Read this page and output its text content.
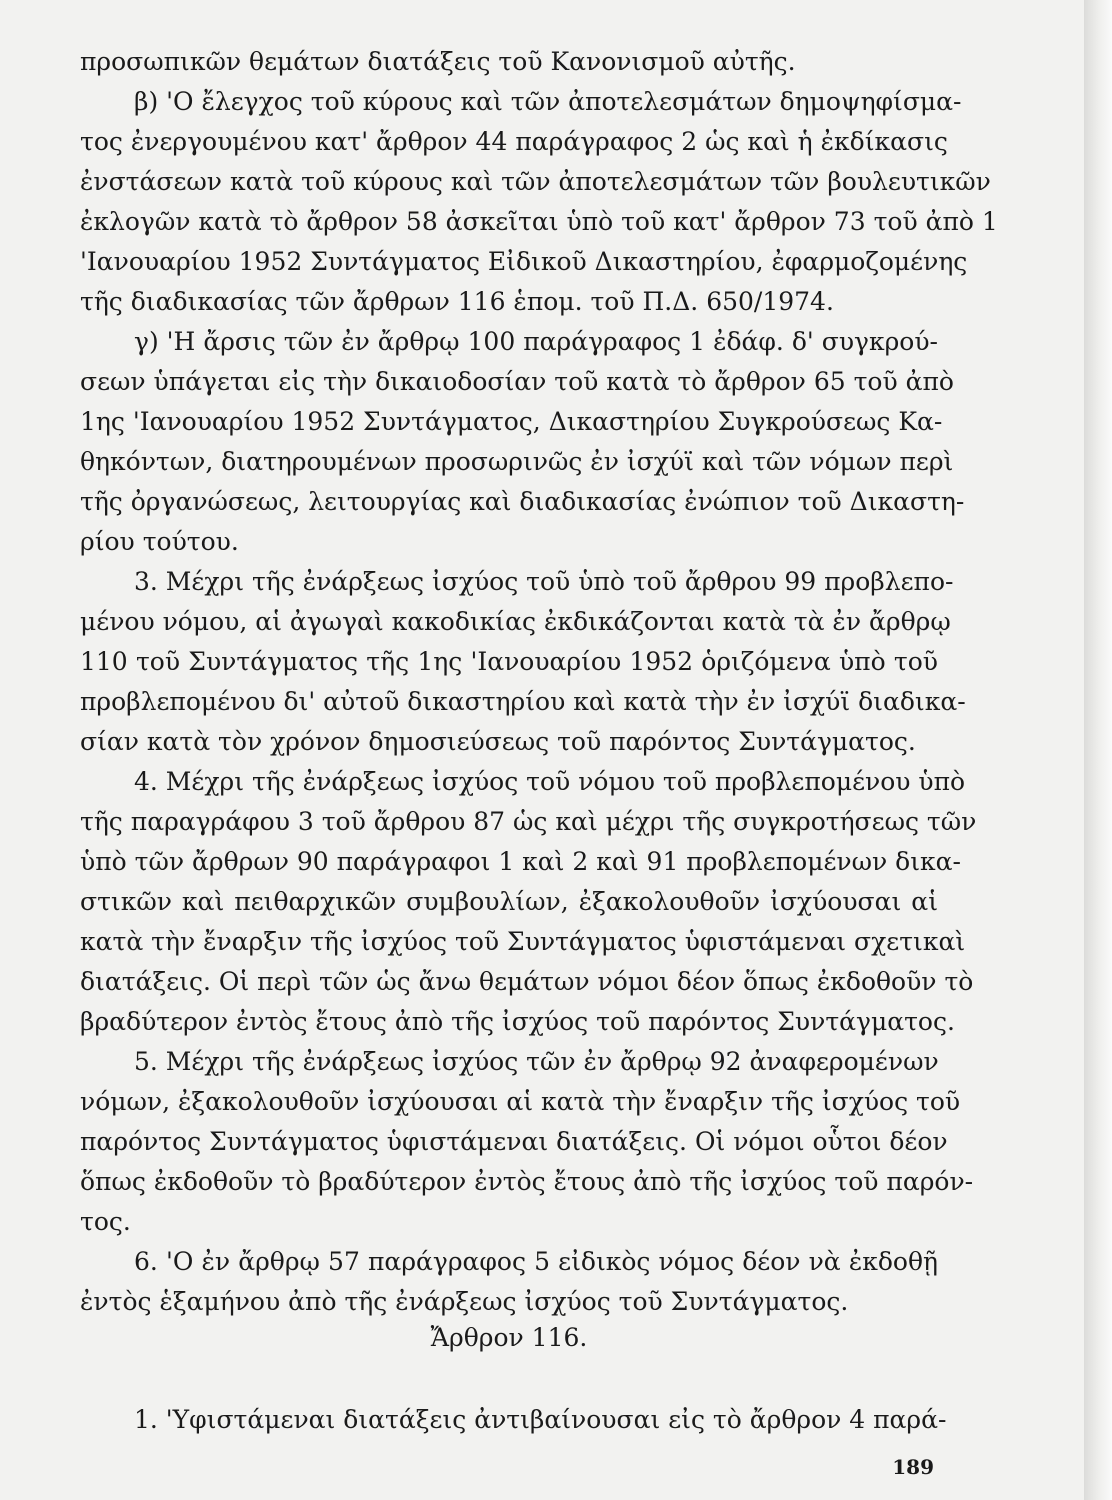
προσωπικῶν θεμάτων διατάξεις τοῦ Κανονισμοῦ αὐτῆς.
β) 'Ο ἔλεγχος τοῦ κύρους καὶ τῶν ἀποτελεσμάτων δημοψηφίσμα-
τος ἐνεργουμένου κατ' ἄρθρον 44 παράγραφος 2 ὡς καὶ ἡ ἐκδίκασις
ἐνστάσεων κατὰ τοῦ κύρους καὶ τῶν ἀποτελεσμάτων τῶν βουλευτικῶν
ἐκλογῶν κατὰ τὸ ἄρθρον 58 ἀσκεῖται ὑπὸ τοῦ κατ' ἄρθρον 73 τοῦ ἀπὸ 1
'Ιανουαρίου 1952 Συντάγματος Εἰδικοῦ Δικαστηρίου, ἐφαρμοζομένης
τῆς διαδικασίας τῶν ἄρθρων 116 ἑπομ. τοῦ Π.Δ. 650/1974.
γ) 'Η ἄρσις τῶν ἐν ἄρθρῳ 100 παράγραφος 1 ἐδάφ. δ' συγκρού-
σεων ὑπάγεται εἰς τὴν δικαιοδοσίαν τοῦ κατὰ τὸ ἄρθρον 65 τοῦ ἀπὸ
1ης 'Ιανουαρίου 1952 Συντάγματος, Δικαστηρίου Συγκρούσεως Κα-
θηκόντων, διατηρουμένων προσωρινῶς ἐν ἰσχύϊ καὶ τῶν νόμων περὶ
τῆς ὀργανώσεως, λειτουργίας καὶ διαδικασίας ἐνώπιον τοῦ Δικαστη-
ρίου τούτου.
3. Μέχρι τῆς ἐνάρξεως ἰσχύος τοῦ ὑπὸ τοῦ ἄρθρου 99 προβλεπο-
μένου νόμου, αἱ ἀγωγαὶ κακοδικίας ἐκδικάζονται κατὰ τὰ ἐν ἄρθρῳ
110 τοῦ Συντάγματος τῆς 1ης 'Ιανουαρίου 1952 ὁριζόμενα ὑπὸ τοῦ
προβλεπομένου δι' αὐτοῦ δικαστηρίου καὶ κατὰ τὴν ἐν ἰσχύϊ διαδικα-
σίαν κατὰ τὸν χρόνον δημοσιεύσεως τοῦ παρόντος Συντάγματος.
4. Μέχρι τῆς ἐνάρξεως ἰσχύος τοῦ νόμου τοῦ προβλεπομένου ὑπὸ
τῆς παραγράφου 3 τοῦ ἄρθρου 87 ὡς καὶ μέχρι τῆς συγκροτήσεως τῶν
ὑπὸ τῶν ἄρθρων 90 παράγραφοι 1 καὶ 2 καὶ 91 προβλεπομένων δικα-
στικῶν καὶ πειθαρχικῶν συμβουλίων, ἐξακολουθοῦν ἰσχύουσαι αἱ
κατὰ τὴν ἔναρξιν τῆς ἰσχύος τοῦ Συντάγματος ὑφιστάμεναι σχετικαὶ
διατάξεις. Οἱ περὶ τῶν ὡς ἄνω θεμάτων νόμοι δέον ὅπως ἐκδοθοῦν τὸ
βραδύτερον ἐντὸς ἔτους ἀπὸ τῆς ἰσχύος τοῦ παρόντος Συντάγματος.
5. Μέχρι τῆς ἐνάρξεως ἰσχύος τῶν ἐν ἄρθρῳ 92 ἀναφερομένων
νόμων, ἐξακολουθοῦν ἰσχύουσαι αἱ κατὰ τὴν ἔναρξιν τῆς ἰσχύος τοῦ
παρόντος Συντάγματος ὑφιστάμεναι διατάξεις. Οἱ νόμοι οὗτοι δέον
ὅπως ἐκδοθοῦν τὸ βραδύτερον ἐντὸς ἔτους ἀπὸ τῆς ἰσχύος τοῦ παρόν-
τος.
6. 'Ο ἐν ἄρθρῳ 57 παράγραφος 5 εἰδικὸς νόμος δέον νὰ ἐκδοθῇ
ἐντὸς ἑξαμήνου ἀπὸ τῆς ἐνάρξεως ἰσχύος τοῦ Συντάγματος.
Ἄρθρον 116.
1. 'Υφιστάμεναι διατάξεις ἀντιβαίνουσαι εἰς τὸ ἄρθρον 4 παρά-
189
